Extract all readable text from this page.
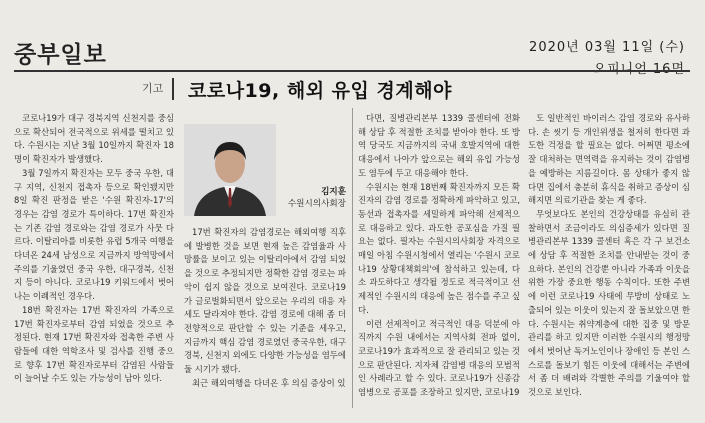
중부일보	2020년 03월 11일 (수)
기고 코로나19, 해외 유입 경계해야

코로나19가 대구 경북지역 신천지를 중심으로 확산되어 전국적으로 위세를 떨치고 있다. 수원시는 지난 3월 10일까지 확진자 18명이 확진자가 발생했다.

3월 7일까지 확진자는 모두 중국 우한, 대구 지역, 신천지 접촉자 등으로 확인됐지만 8일 확진 판정을 받은 '수원 확진자-17'의 경우는 감염 경로가 특이하다. 17번 확진자는 기존 감염 경로와는 감염 경로가 사뭇 다르다. 이탈리아를 비롯한 유럽 5개국 여행을 다녀온 24세 남성으로 지금까지 방역망에서 주의를 기울였던 중국 우한, 대구경북, 신천지 등이 아니다. 코로나19 키워드에서 벗어나는 이례적인 경우다.

18번 확진자는 17번 확진자의 가족으로 17번 확진자로부터 감염 되었을 것으로 추정된다. 현재 17번 확진자와 접촉한 주변 사람들에 대한 역학조사 및 검사를 진행 중으로 향후 17번 확진자로부터 감염된 사람들이 늘어날 수도 있는 가능성이 남아 있다.

김지훈
수원시의사회장

17번 확진자의 감염경로는 해외여행 직후에 발병한 것을 보면 현재 높은 감염율과 사망률을 보이고 있는 이탈리아에서 감염 되었을 것으로 추정되지만 정확한 감염 경로는 파악이 쉽지 않을 것으로 보여진다. 코로나19가 글로벌화되면서 앞으로는 우리의 대응 자세도 달라져야 한다. 감염 경로에 대해 좀 더 전향적으로 판단할 수 있는 기준을 세우고, 지금까지 핵심 감염 경로였던 중국우한, 대구경북, 신천지 외에도 다양한 가능성을 염두에 둘 시기가 됐다.

최근 해외여행을 다녀온 후 의심 증상이 있

다면, 질병관리본부 1339 콜센터에 전화해 상담 후 적절한 조치를 받아야 한다. 또 방역 당국도 지금까지의 국내 호발지역에 대한 대응에서 나아가 앞으로는 해외 유입 가능성도 염두에 두고 대응해야 한다.

수원시는 현재 18번째 확진자까지 모든 확진자의 감염 경로를 정확하게 파악하고 있고, 동선과 접촉자를 세밀하게 파악해 선제적으로 대응하고 있다. 과도한 공포심을 가질 필요는 없다. 필자는 수원시의사회장 자격으로 매일 아침 수원시청에서 열리는 '수원시 코로나19 상황대책회의'에 참석하고 있는데, 다소 과도하다고 생각될 정도로 적극적이고 선제적인 수원시의 대응에 높은 점수를 주고 싶다.

이런 선제적이고 적극적인 대응 덕분에 아직까지 수원 내에서는 지역사회 전파 없이, 코로나19가 효과적으로 잘 관리되고 있는 것으로 판단된다. 지자체 감염병 대응의 모범적인 사례라고 할 수 있다. 코로나19가 신종감염병으로 공포를 조장하고 있지만, 코로나19

도 일반적인 바이러스 감염 경로와 유사하다. 손 씻기 등 개인위생을 철저히 한다면 과도한 걱정을 할 필요는 없다. 어쩌면 평소에 잘 대처하는 면역력을 유지하는 것이 감염병을 예방하는 지름길이다. 몸 상태가 좋지 않다면 집에서 충분히 휴식을 취하고 증상이 심해지면 의료기관을 찾는 게 좋다.

무엇보다도 본인의 건강상태를 유심히 관찰하면서 조금이라도 의심증세가 있다면 질병관리본부 1339 콜센터 혹은 각 구 보건소에 상담 후 적절한 조치를 안내받는 것이 중요하다. 본인의 건강뿐 아니라 가족과 이웃을 위한 가장 중요한 행동 수칙이다. 또한 주변에 이런 코로나19 사태에 무방비 상태로 노출되어 있는 이웃이 있는지 잘 돌보았으면 한다. 수원시는 취약계층에 대한 집중 및 방문 관리를 하고 있지만 이러한 수원시의 행정망에서 벗어난 독거노인이나 장애인 등 본인 스스로를 돌보기 힘든 이웃에 대해서는 주변에서 좀 더 배려와 각별한 주의를 기울여야 할 것으로 보인다.
